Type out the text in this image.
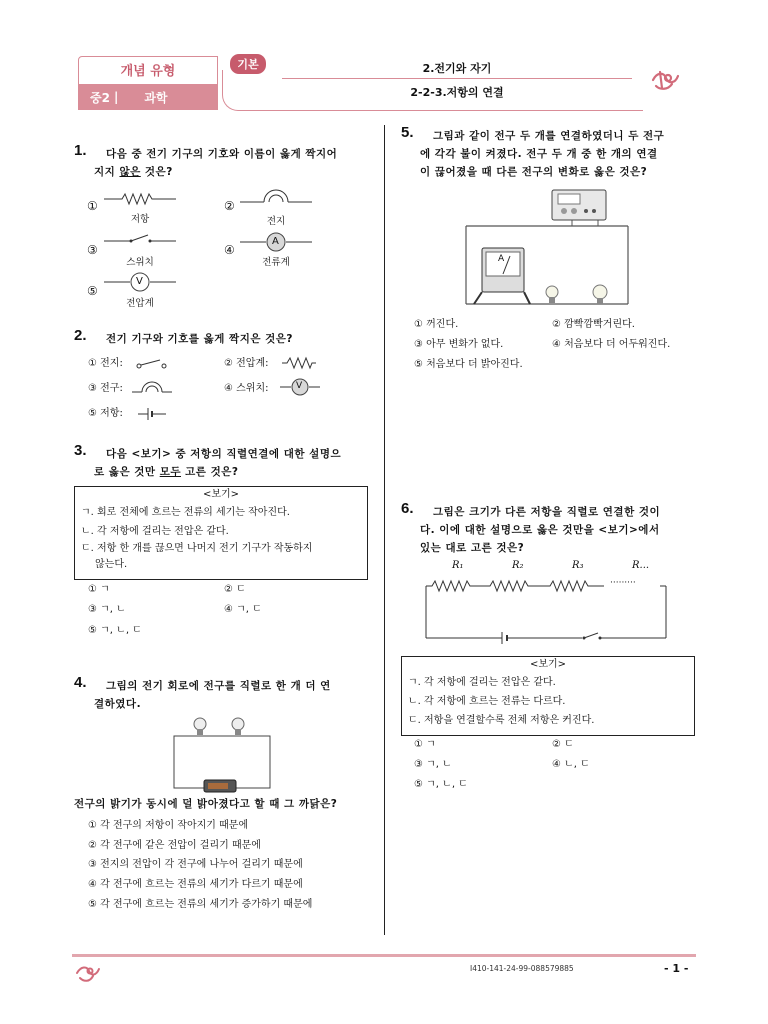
개념 유형
중2 | 과학
기본	2.전기와 자기
2-2-3.저항의 연결
1. 다음 중 전기 기구의 기호와 이름이 옳게 짝지어
지지 않은 것은?
①
저항
②
전지
③
스위치
④
A
전류계
⑤
V
전압계
2. 전기 기구와 기호를 옳게 짝지은 것은?
① 전지:	② 전압계:
③ 전구:	④ 스위치:	V
⑤ 저항:
3. 다음 <보기> 중 저항의 직렬연결에 대한 설명으
로 옳은 것만 모두 고른 것은?
<보기>
ㄱ. 회로 전체에 흐르는 전류의 세기는 작아진다.
ㄴ. 각 저항에 걸리는 전압은 같다.
ㄷ. 저항 한 개를 끊으면 나머지 전기 기구가 작동하지
않는다.
① ㄱ	② ㄷ
③ ㄱ, ㄴ	④ ㄱ, ㄷ
⑤ ㄱ, ㄴ, ㄷ
4. 그림의 전기 회로에 전구를 직렬로 한 개 더 연
결하였다.
전구의 밝기가 동시에 덜 밝아졌다고 할 때 그 까닭은?
① 각 전구의 저항이 작아지기 때문에
② 각 전구에 같은 전압이 걸리기 때문에
③ 전지의 전압이 각 전구에 나누어 걸리기 때문에
④ 각 전구에 흐르는 전류의 세기가 다르기 때문에
⑤ 각 전구에 흐르는 전류의 세기가 증가하기 때문에
5. 그림과 같이 전구 두 개를 연결하였더니 두 전구
에 각각 불이 켜졌다. 전구 두 개 중 한 개의 연결
이 끊어졌을 때 다른 전구의 변화로 옳은 것은?
A
① 꺼진다.	② 깜빡깜빡거린다.
③ 아무 변화가 없다.	④ 처음보다 더 어두워진다.
⑤ 처음보다 더 밝아진다.
6. 그림은 크기가 다른 저항을 직렬로 연결한 것이
다. 이에 대한 설명으로 옳은 것만을 <보기>에서
있는 대로 고른 것은?
R₁	R₂	R₃	R...
·········
<보기>
ㄱ. 각 저항에 걸리는 전압은 같다.
ㄴ. 각 저항에 흐르는 전류는 다르다.
ㄷ. 저항을 연결할수록 전체 저항은 커진다.
① ㄱ	② ㄷ
③ ㄱ, ㄴ	④ ㄴ, ㄷ
⑤ ㄱ, ㄴ, ㄷ
I410-141-24-99-088579885	- 1 -
